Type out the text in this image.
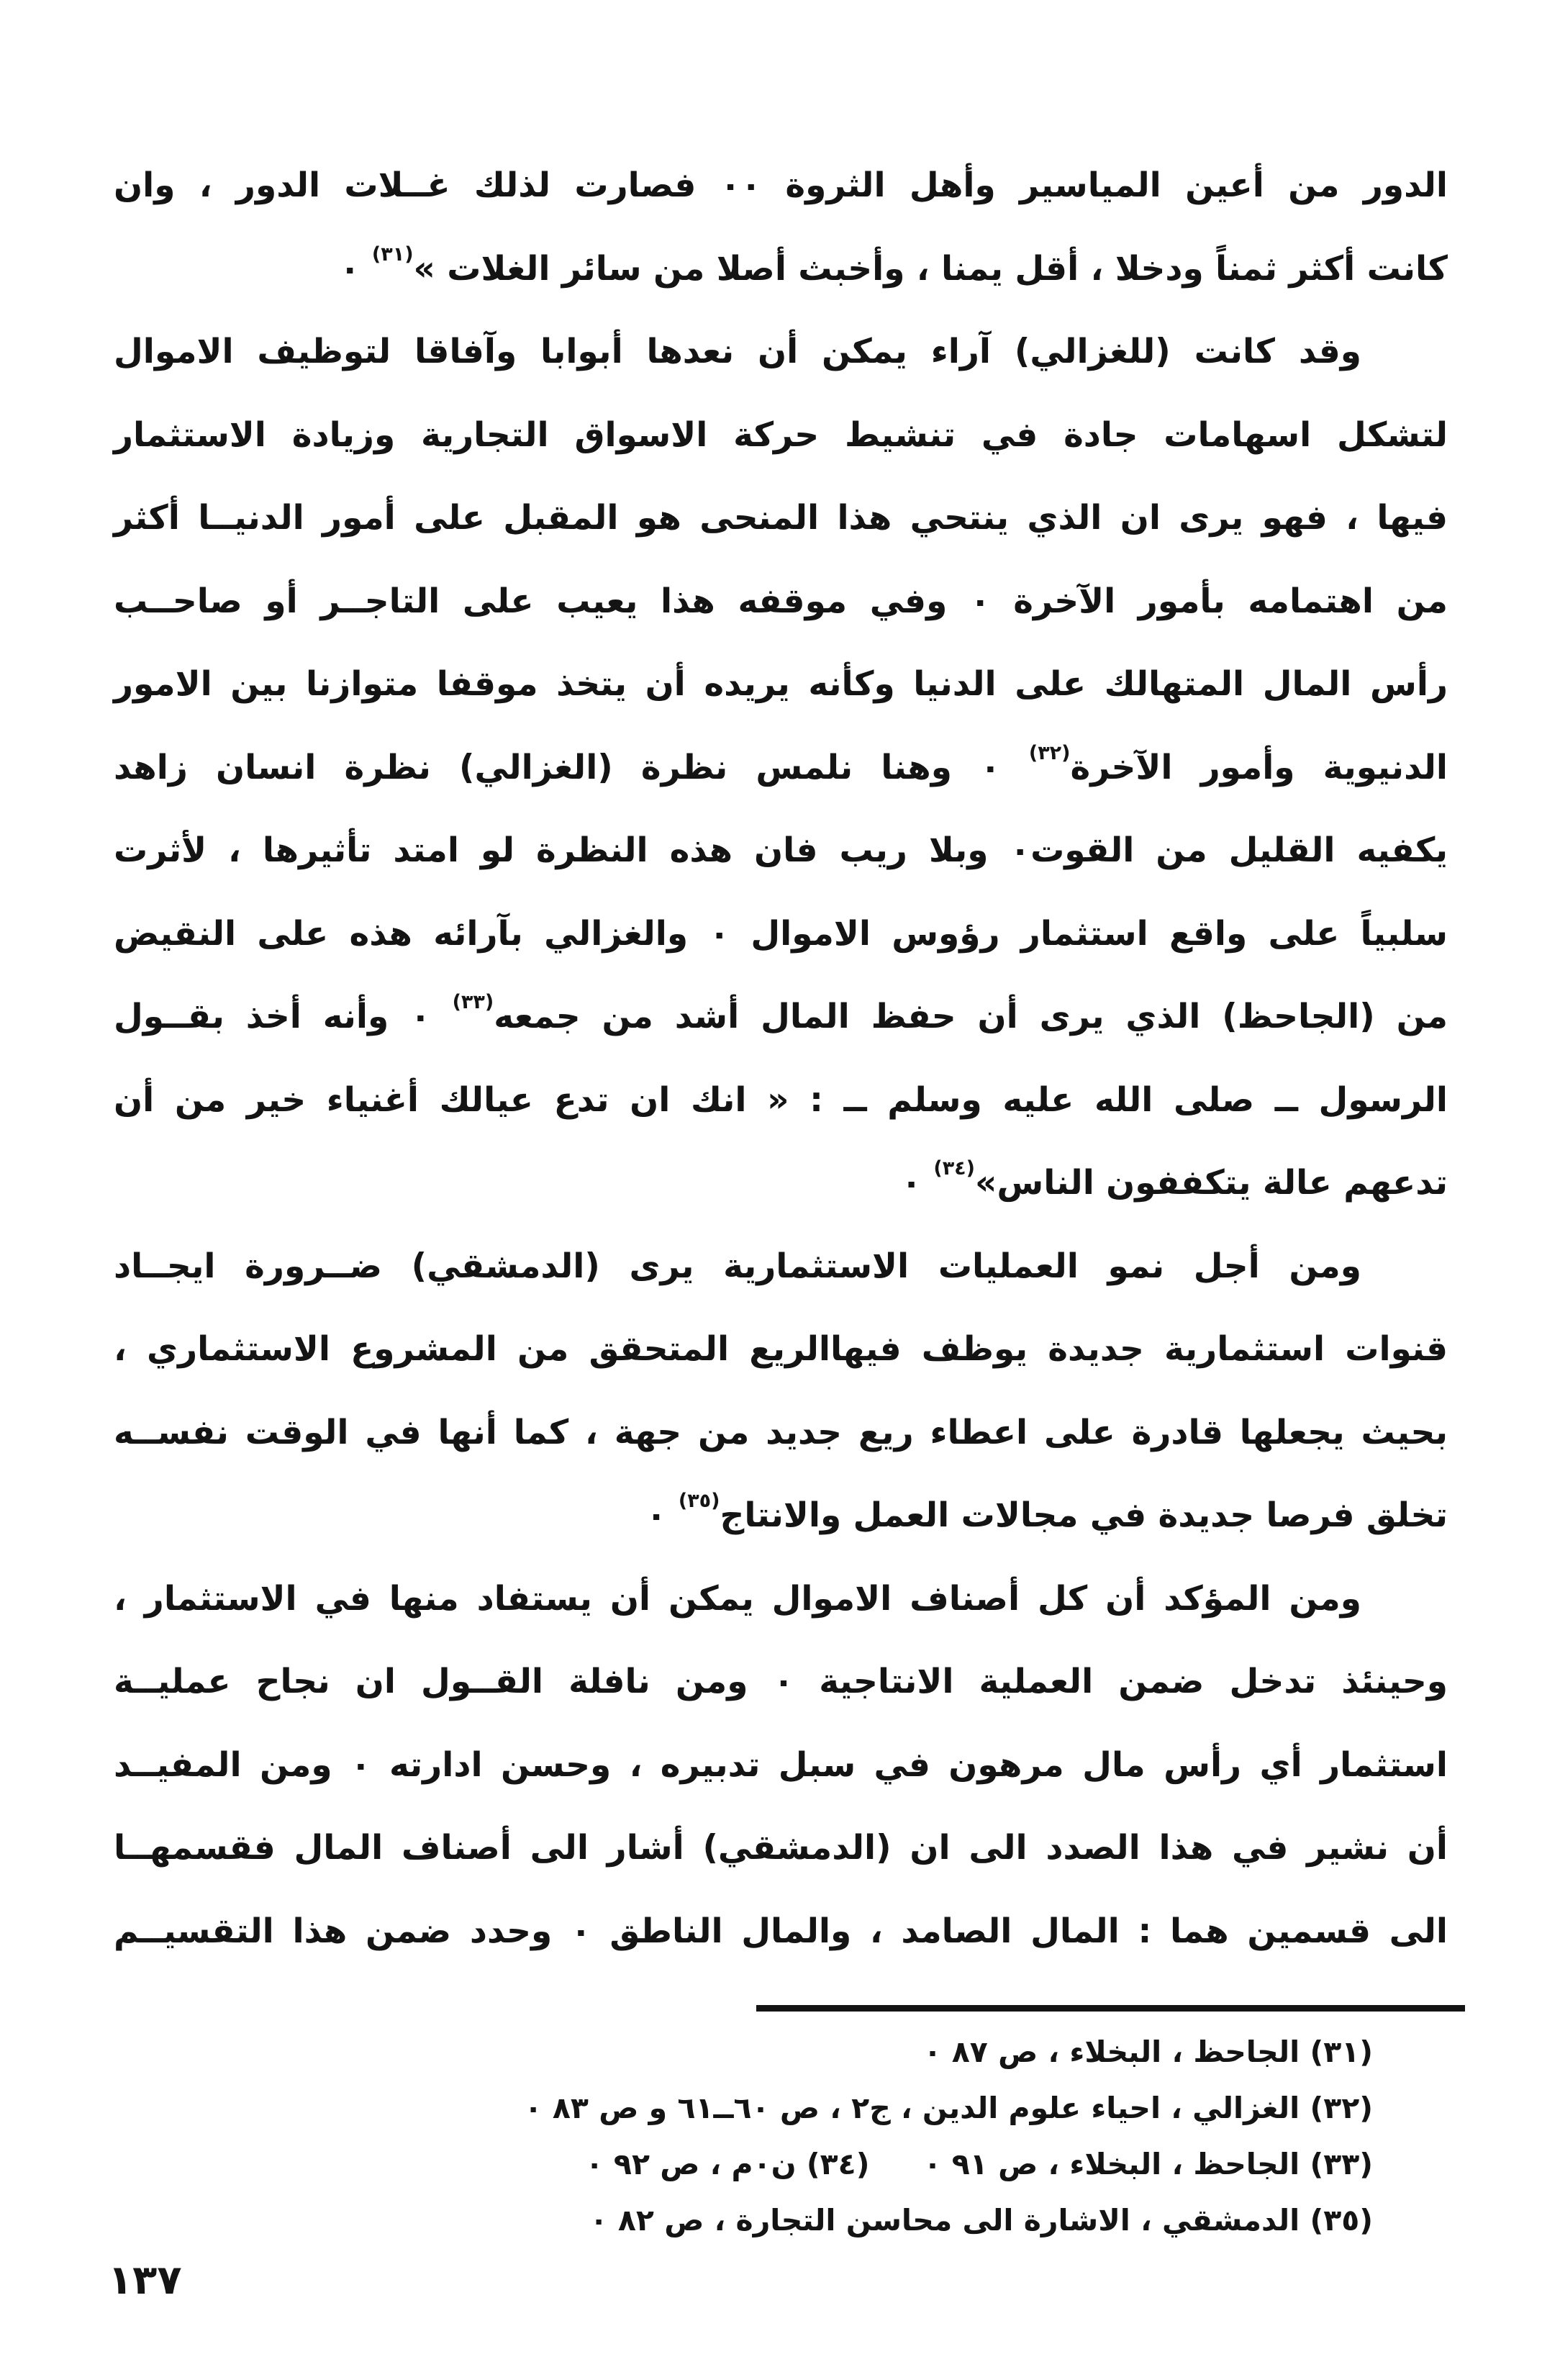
الدور من أعين المياسير وأهل الثروة ٠٠ فصارت لذلك غــلات الدور ، وان
كانت أكثر ثمناً ودخلا ، أقل يمنا ، وأخبث أصلا من سائر الغلات »$^{(٣١)}$ ٠
وقد كانت (للغزالي) آراء يمكن أن نعدها أبوابا وآفاقا لتوظيف الاموال
لتشكل اسهامات جادة في تنشيط حركة الاسواق التجارية وزيادة الاستثمار
فيها ، فهو يرى ان الذي ينتحي هذا المنحى هو المقبل على أمور الدنيــا أكثر
من اهتمامه بأمور الآخرة ٠ وفي موقفه هذا يعيب على التاجــر أو صاحــب
رأس المال المتهالك على الدنيا وكأنه يريده أن يتخذ موقفا متوازنا بين الامور
الدنيوية وأمور الآخرة$^{(٣٢)}$ ٠ وهنا نلمس نظرة (الغزالي) نظرة انسان زاهد
يكفيه القليل من القوت٠ وبلا ريب فان هذه النظرة لو امتد تأثيرها ، لأثرت
سلبياً على واقع استثمار رؤوس الاموال ٠ والغزالي بآرائه هذه على النقيض
من (الجاحظ) الذي يرى أن حفظ المال أشد من جمعه$^{(٣٣)}$ ٠ وأنه أخذ بقــول
الرسول ــ صلى الله عليه وسلم ــ : « انك ان تدع عيالك أغنياء خير من أن
تدعهم عالة يتكففون الناس»$^{(٣٤)}$ ٠
ومن أجل نمو العمليات الاستثمارية يرى (الدمشقي) ضــرورة ايجــاد
قنوات استثمارية جديدة يوظف فيهاالريع المتحقق من المشروع الاستثماري ،
بحيث يجعلها قادرة على اعطاء ريع جديد من جهة ، كما أنها في الوقت نفســه
تخلق فرصا جديدة في مجالات العمل والانتاج$^{(٣٥)}$ ٠
ومن المؤكد أن كل أصناف الاموال يمكن أن يستفاد منها في الاستثمار ،
وحينئذ تدخل ضمن العملية الانتاجية ٠ ومن نافلة القــول ان نجاح عمليــة
استثمار أي رأس مال مرهون في سبل تدبيره ، وحسن ادارته ٠ ومن المفيــد
أن نشير في هذا الصدد الى ان (الدمشقي) أشار الى أصناف المال فقسمهــا
الى قسمين هما : المال الصامد ، والمال الناطق ٠ وحدد ضمن هذا التقسيــم
(٣١) الجاحظ ، البخلاء ، ص ٨٧ ٠
(٣٢) الغزالي ، احياء علوم الدين ، ج٢ ، ص ٦٠ــ٦١ و ص ٨٣ ٠
(٣٣) الجاحظ ، البخلاء ، ص ٩١ ٠(٣٤) ن٠م ، ص ٩٢ ٠
(٣٥) الدمشقي ، الاشارة الى محاسن التجارة ، ص ٨٢ ٠
١٣٧
